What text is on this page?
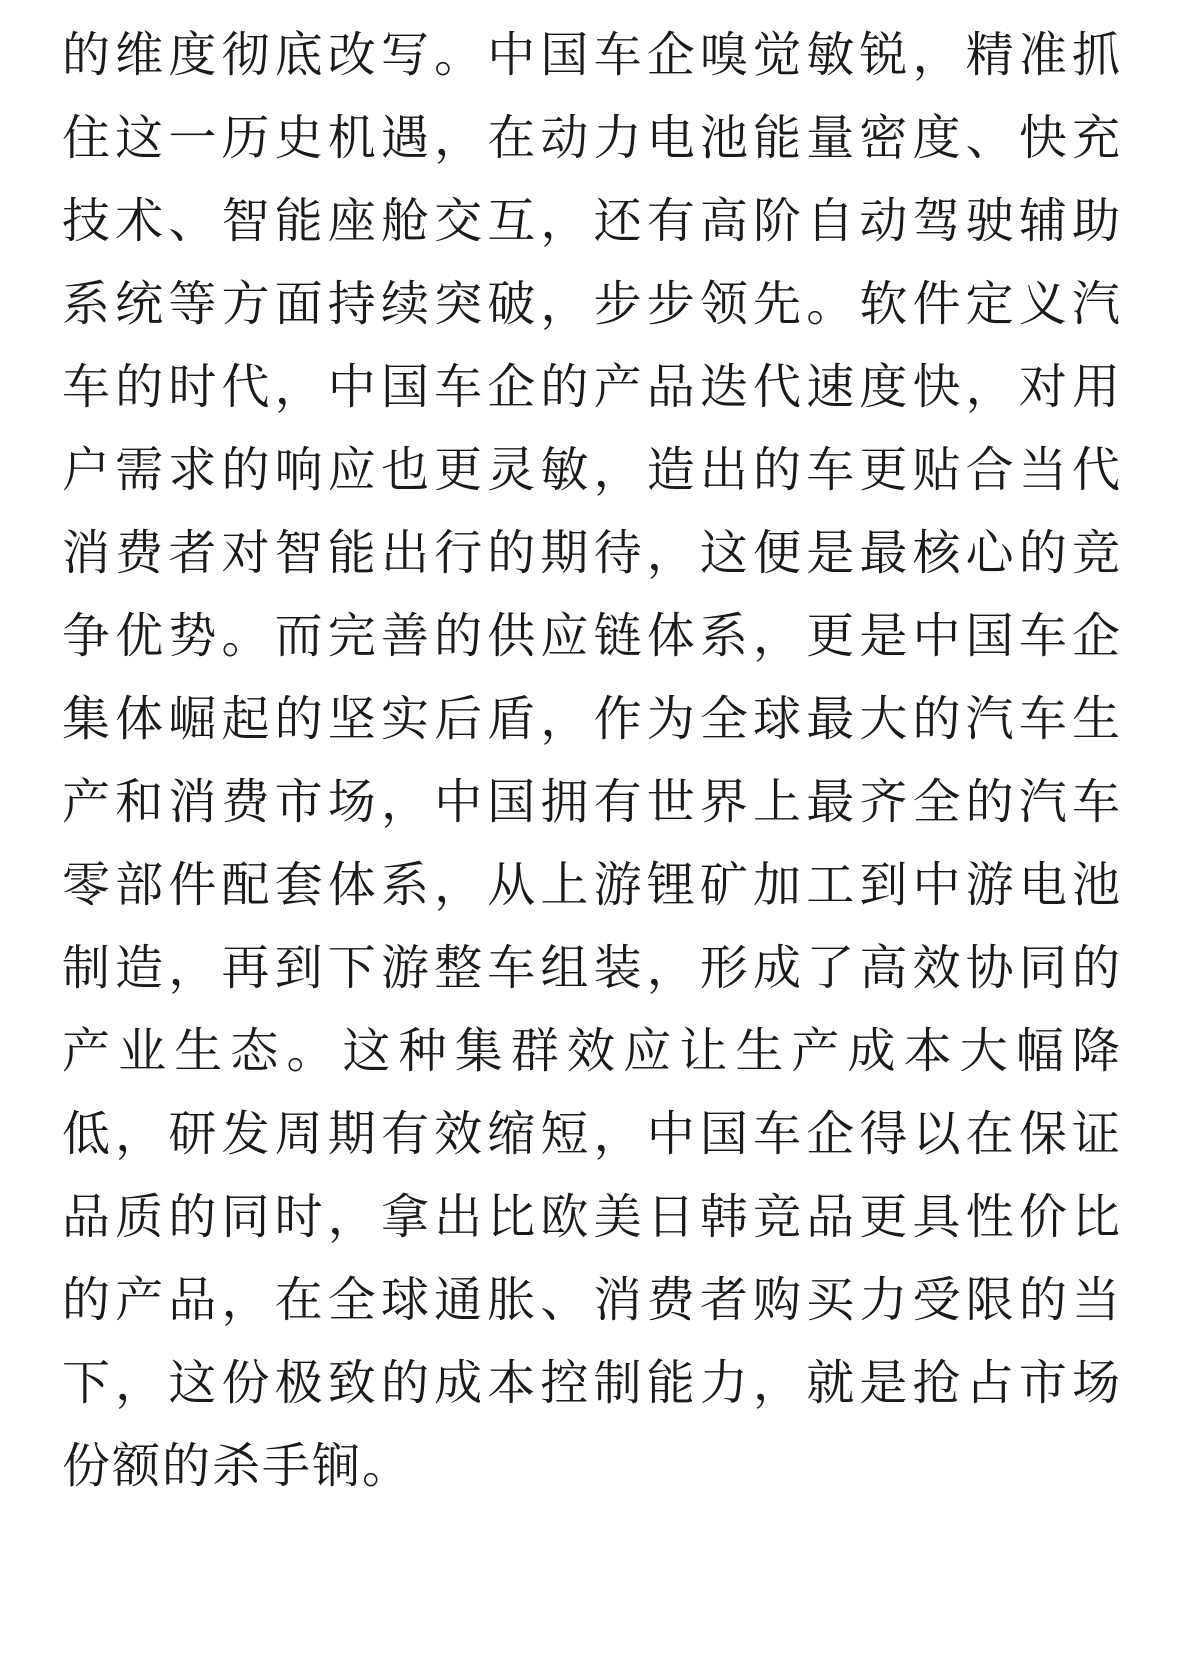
的维度彻底改写。中国车企嗅觉敏锐，精准抓
住这一历史机遇，在动力电池能量密度、快充
技术、智能座舱交互，还有高阶自动驾驶辅助
系统等方面持续突破，步步领先。软件定义汽
车的时代，中国车企的产品迭代速度快，对用
户需求的响应也更灵敏，造出的车更贴合当代
消费者对智能出行的期待，这便是最核心的竞
争优势。而完善的供应链体系，更是中国车企
集体崛起的坚实后盾，作为全球最大的汽车生
产和消费市场，中国拥有世界上最齐全的汽车
零部件配套体系，从上游锂矿加工到中游电池
制造，再到下游整车组装，形成了高效协同的
产业生态。这种集群效应让生产成本大幅降
低，研发周期有效缩短，中国车企得以在保证
品质的同时，拿出比欧美日韩竞品更具性价比
的产品，在全球通胀、消费者购买力受限的当
下，这份极致的成本控制能力，就是抢占市场
份额的杀手锏。
